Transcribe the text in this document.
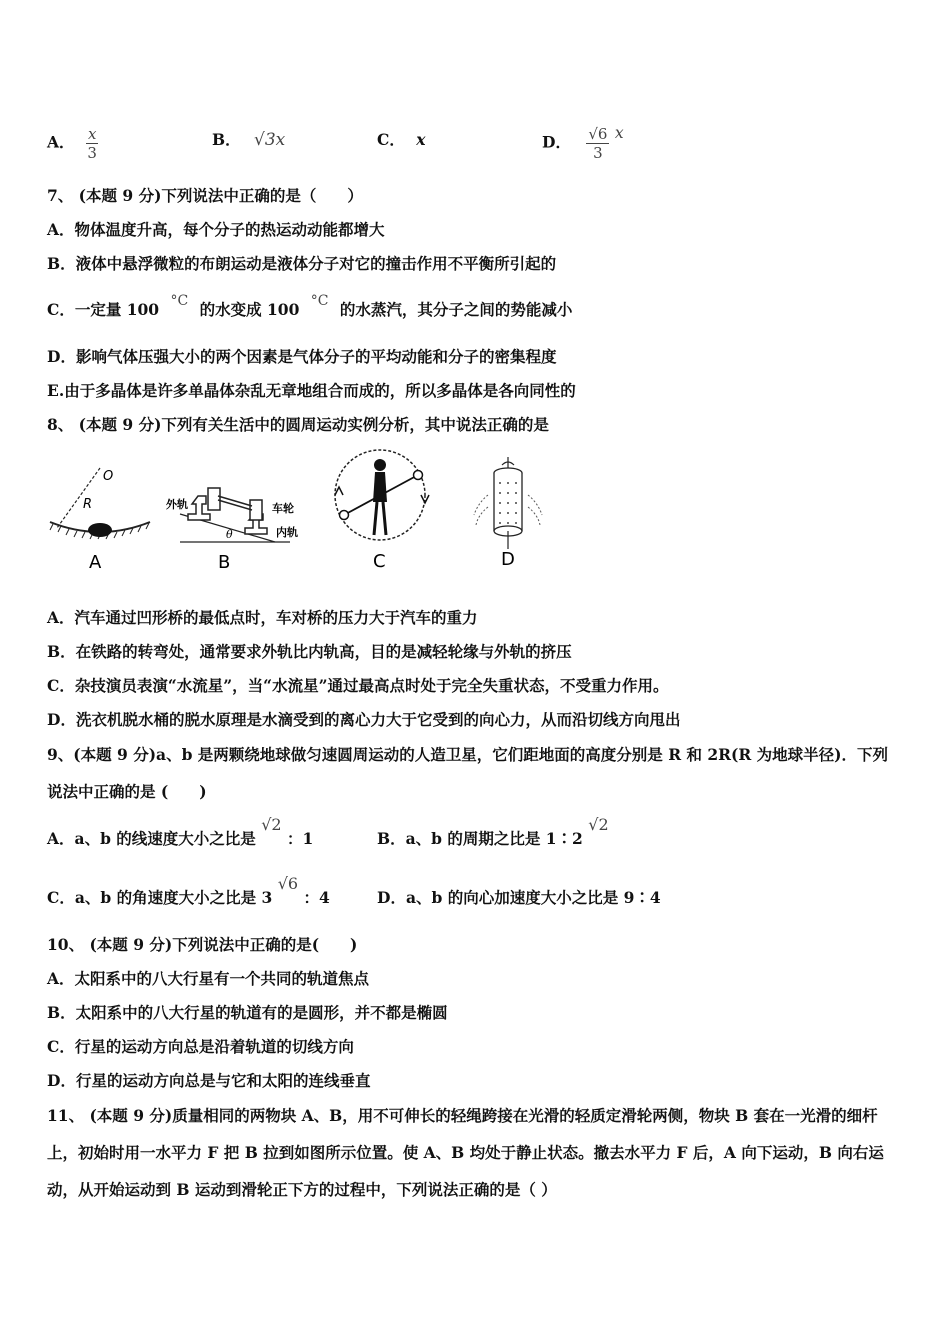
A． $\frac{x}{3}$	B． √3x	C． x	D． $\frac{√6}{3}$ x
7、 (本题 9 分)下列说法中正确的是（　　）
A．物体温度升高，每个分子的热运动动能都增大
B．液体中悬浮微粒的布朗运动是液体分子对它的撞击作用不平衡所引起的
C．一定量 100 °C 的水变成 100 °C 的水蒸汽，其分子之间的势能减小
D．影响气体压强大小的两个因素是气体分子的平均动能和分子的密集程度
E.由于多晶体是许多单晶体杂乱无章地组合而成的，所以多晶体是各向同性的
8、 (本题 9 分)下列有关生活中的圆周运动实例分析，其中说法正确的是
O
R
A
外轨	车轮
内轨
θ
B	C	D
A．汽车通过凹形桥的最低点时，车对桥的压力大于汽车的重力
B．在铁路的转弯处，通常要求外轨比内轨高，目的是减轻轮缘与外轨的挤压
C．杂技演员表演“水流星”，当“水流星”通过最高点时处于完全失重状态，不受重力作用。
D．洗衣机脱水桶的脱水原理是水滴受到的离心力大于它受到的向心力，从而沿切线方向甩出
9、(本题 9 分)a、b 是两颗绕地球做匀速圆周运动的人造卫星，它们距地面的高度分别是 R 和 2R(R 为地球半径)．下列
说法中正确的是 (　　)
A．a、b 的线速度大小之比是 √2 ：1	B．a、b 的周期之比是 1∶2 √2
C．a、b 的角速度大小之比是 3 √6 ：4	D．a、b 的向心加速度大小之比是 9∶4
10、 (本题 9 分)下列说法中正确的是(　　)
A．太阳系中的八大行星有一个共同的轨道焦点
B．太阳系中的八大行星的轨道有的是圆形，并不都是椭圆
C．行星的运动方向总是沿着轨道的切线方向
D．行星的运动方向总是与它和太阳的连线垂直
11、 (本题 9 分)质量相同的两物块 A、B，用不可伸长的轻绳跨接在光滑的轻质定滑轮两侧，物块 B 套在一光滑的细杆
上，初始时用一水平力 F 把 B 拉到如图所示位置。使 A、B 均处于静止状态。撤去水平力 F 后，A 向下运动，B 向右运
动，从开始运动到 B 运动到滑轮正下方的过程中，下列说法正确的是（ ）
